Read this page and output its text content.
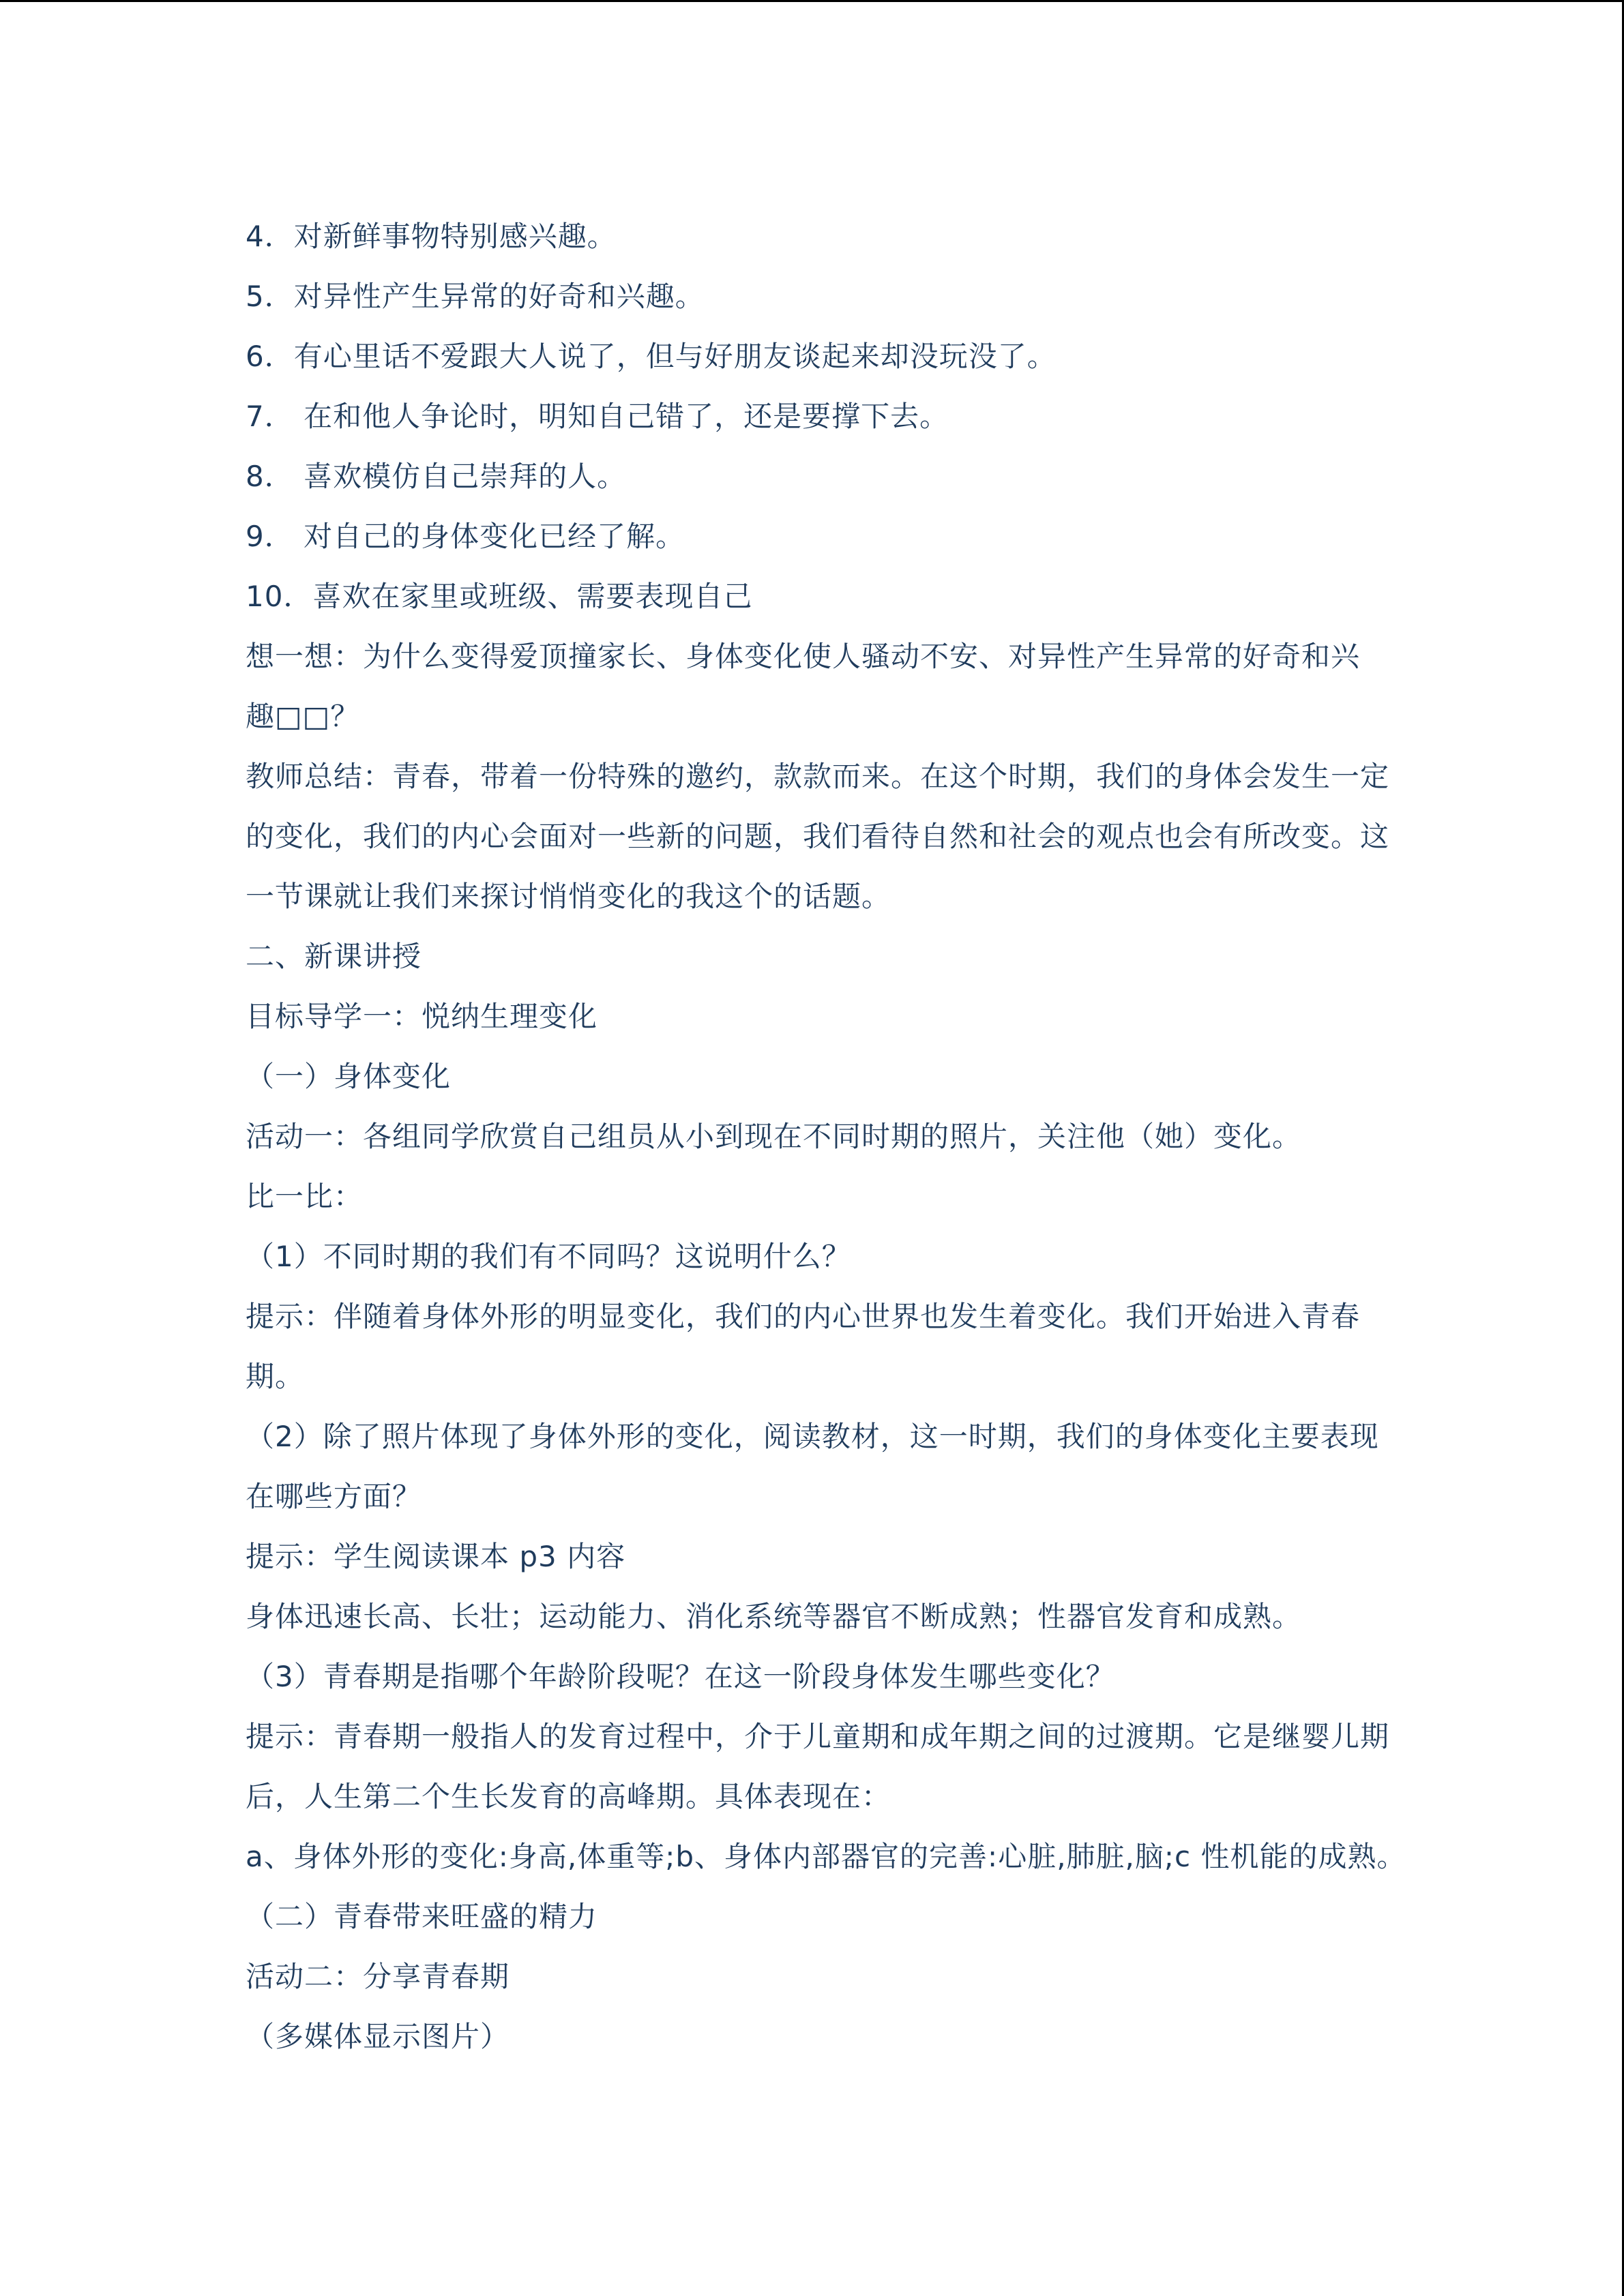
4．对新鲜事物特别感兴趣。
5．对异性产生异常的好奇和兴趣。
6．有心里话不爱跟大人说了，但与好朋友谈起来却没玩没了。
7． 在和他人争论时，明知自己错了，还是要撑下去。
8． 喜欢模仿自己崇拜的人。
9． 对自己的身体变化已经了解。
10．喜欢在家里或班级、需要表现自己
想一想：为什么变得爱顶撞家长、身体变化使人骚动不安、对异性产生异常的好奇和兴
趣□□？
教师总结：青春，带着一份特殊的邀约，款款而来。在这个时期，我们的身体会发生一定
的变化，我们的内心会面对一些新的问题，我们看待自然和社会的观点也会有所改变。这
一节课就让我们来探讨悄悄变化的我这个的话题。
二、新课讲授
目标导学一：悦纳生理变化
（一）身体变化
活动一：各组同学欣赏自己组员从小到现在不同时期的照片，关注他（她）变化。
比一比：
（1）不同时期的我们有不同吗？这说明什么？
提示：伴随着身体外形的明显变化，我们的内心世界也发生着变化。我们开始进入青春
期。
（2）除了照片体现了身体外形的变化，阅读教材，这一时期，我们的身体变化主要表现
在哪些方面？
提示：学生阅读课本 p3 内容
身体迅速长高、长壮；运动能力、消化系统等器官不断成熟；性器官发育和成熟。
（3）青春期是指哪个年龄阶段呢？在这一阶段身体发生哪些变化？
提示：青春期一般指人的发育过程中，介于儿童期和成年期之间的过渡期。它是继婴儿期
后，人生第二个生长发育的高峰期。具体表现在：
a、身体外形的变化:身高,体重等;b、身体内部器官的完善:心脏,肺脏,脑;c 性机能的成熟。
（二）青春带来旺盛的精力
活动二：分享青春期
（多媒体显示图片）
